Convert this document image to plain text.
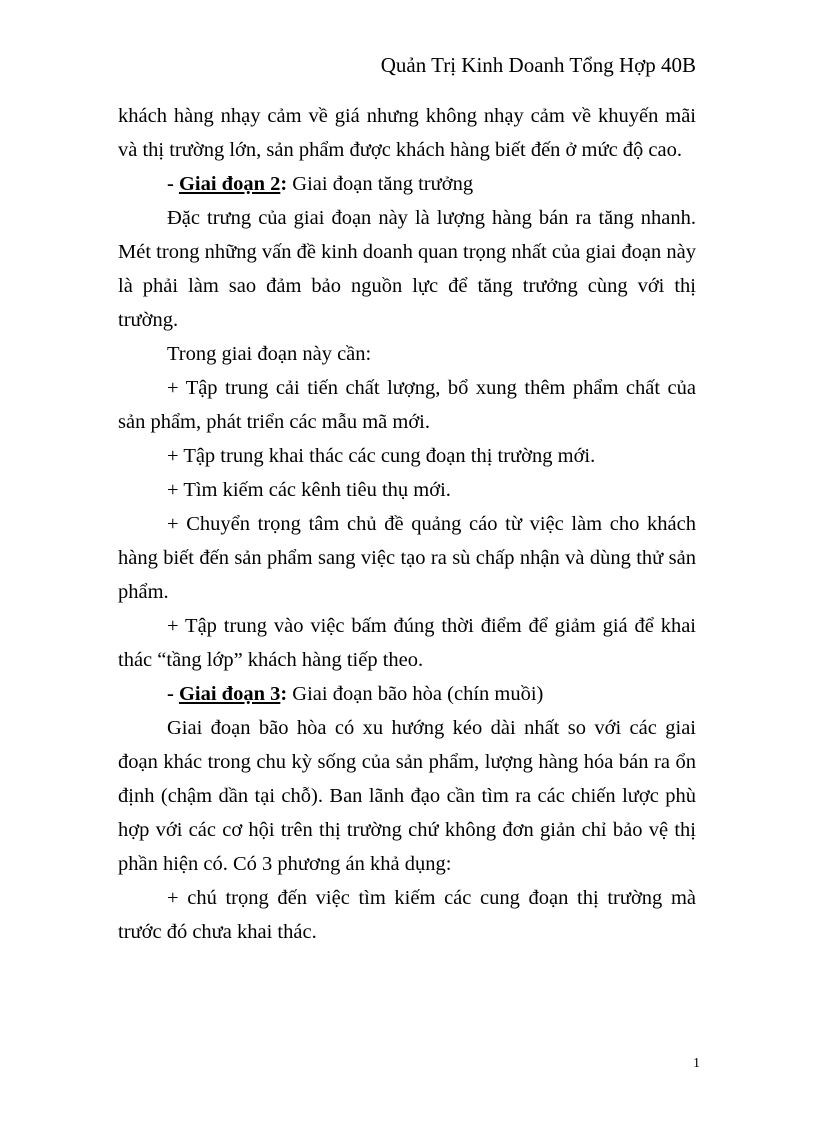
Quản Trị Kinh Doanh Tổng Hợp 40B

khách hàng nhạy cảm về giá nhưng không nhạy cảm về khuyến mãi và thị trường lớn, sản phẩm được khách hàng biết đến ở mức độ cao.

- Giai đoạn 2: Giai đoạn tăng trưởng

Đặc trưng của giai đoạn này là lượng hàng bán ra tăng nhanh. Mét trong những vấn đề kinh doanh quan trọng nhất của giai đoạn này là phải làm sao đảm bảo nguồn lực để tăng trưởng cùng với thị trường.

Trong giai đoạn này cần:

+ Tập trung cải tiến chất lượng, bổ xung thêm phẩm chất của sản phẩm, phát triển các mẫu mã mới.

+ Tập trung khai thác các cung đoạn thị trường mới.

+ Tìm kiếm các kênh tiêu thụ mới.

+ Chuyển trọng tâm chủ đề quảng cáo từ việc làm cho khách hàng biết đến sản phẩm sang việc tạo ra sù chấp nhận và dùng thử sản phẩm.

+ Tập trung vào việc bấm đúng thời điểm để giảm giá để khai thác “tầng lớp” khách hàng tiếp theo.

- Giai đoạn 3: Giai đoạn bão hòa (chín muồi)

Giai đoạn bão hòa có xu hướng kéo dài nhất so với các giai đoạn khác trong chu kỳ sống của sản phẩm, lượng hàng hóa bán ra ổn định (chậm dần tại chỗ). Ban lãnh đạo cần tìm ra các chiến lược phù hợp với các cơ hội trên thị trường chứ không đơn giản chỉ bảo vệ thị phần hiện có. Có 3 phương án khả dụng:

+ chú trọng đến việc tìm kiếm các cung đoạn thị trường mà trước đó chưa khai thác.

1
